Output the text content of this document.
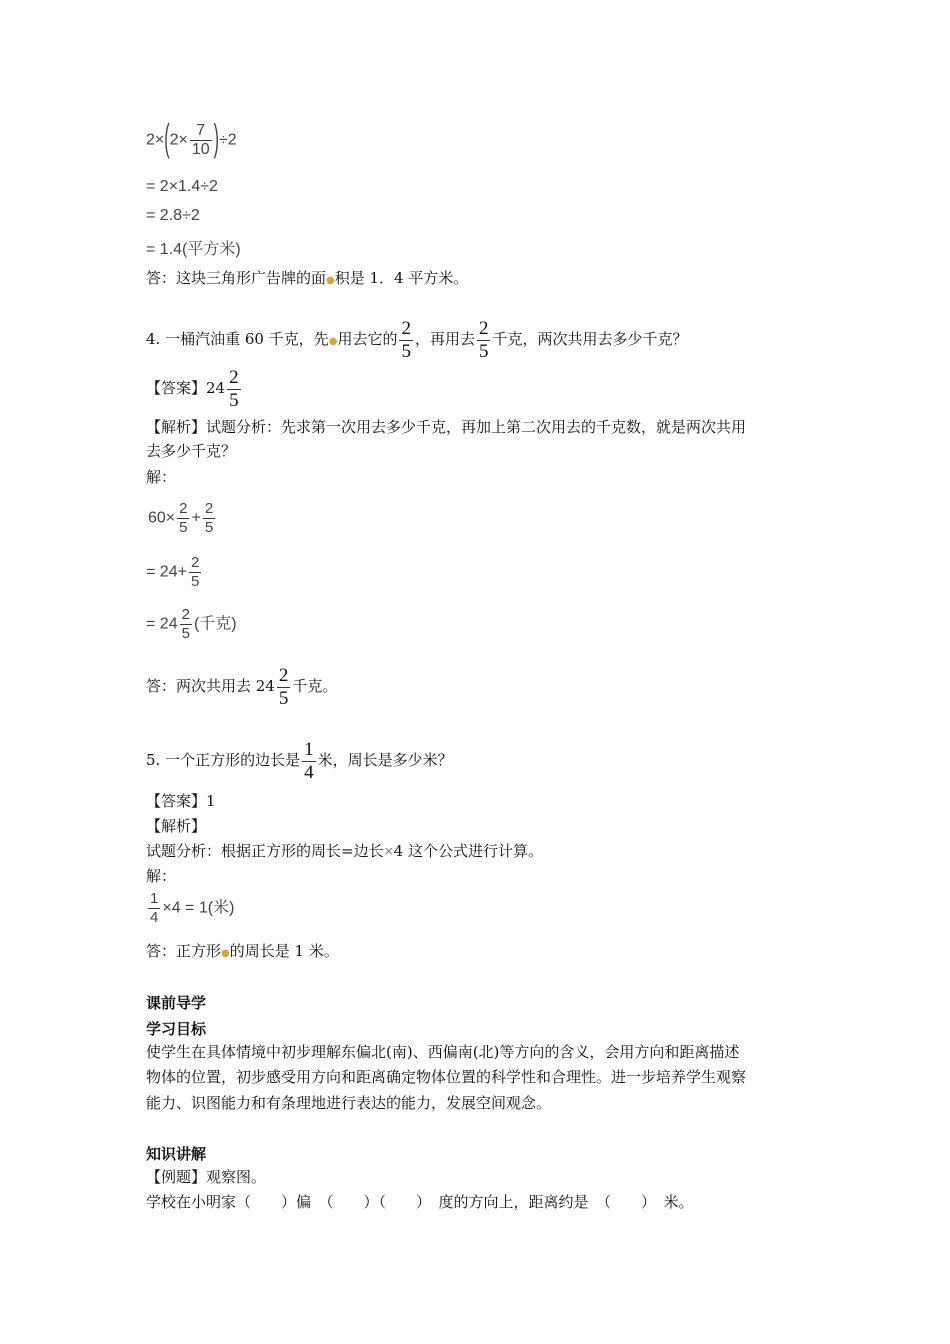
$2\times(2\times \frac{7}{10} )\div 2$
= 2×1.4÷2
= 2.8÷2
= 1.4(平方米)
答：这块三角形广告牌的面●积是 1．4 平方米。
4. 一桶汽油重 60 千克，先●用去它的 $\frac{2}{5}$ ，再用去 $\frac{2}{5}$ 千克，两次共用去多少千克？
【答案】$24 \frac{2}{5}$
【解析】试题分析：先求第一次用去多少千克，再加上第二次用去的千克数，就是两次共用
去多少千克？
解：
$60\times \frac{2}{5} + \frac{2}{5}$
= $24+ \frac{2}{5}$
= $24 \frac{2}{5}$ (千克)
答：两次共用去 $24 \frac{2}{5}$ 千克。
5. 一个正方形的边长是 $\frac{1}{4}$ 米，周长是多少米？
【答案】1
【解析】
试题分析：根据正方形的周长=边长×4 这个公式进行计算。
解：
$\frac{1}{4} \times 4 = 1$(米)
答：正方形●的周长是 1 米。
课前导学
学习目标
使学生在具体情境中初步理解东偏北(南)、西偏南(北)等方向的含义，会用方向和距离描述
物体的位置，初步感受用方向和距离确定物体位置的科学性和合理性。进一步培养学生观察
能力、识图能力和有条理地进行表达的能力，发展空间观念。
知识讲解
【例题】观察图。
学校在小明家（　　）偏　（　　）（　　）　度的方向上，距离约是　（　　）　米。
